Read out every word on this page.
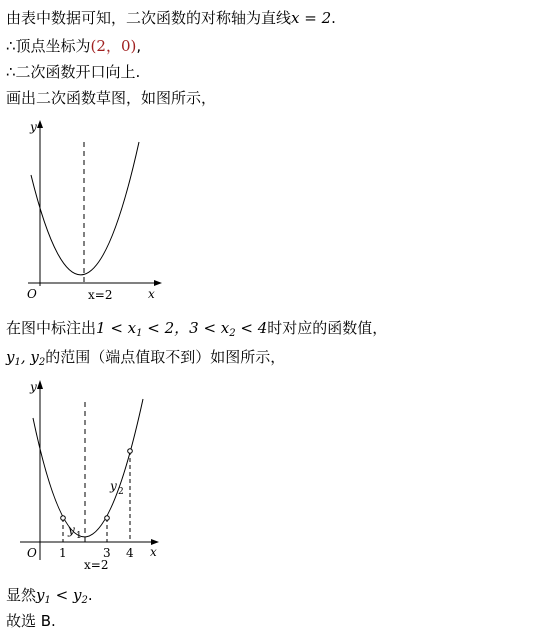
由表中数据可知，二次函数的对称轴为直线x = 2.
∴顶点坐标为(2，0),
∴二次函数开口向上.
画出二次函数草图，如图所示，
y
x
O	x=2
在图中标注出$1 < x_1 < 2$，$3 < x_2 < 4$时对应的函数值，
$y_1$, $y_2$的范围（端点值取不到）如图所示，
y
x
O 1	3 4
x=2
y 1
y 2
显然$y_1 < y_2$.
故选 B.
